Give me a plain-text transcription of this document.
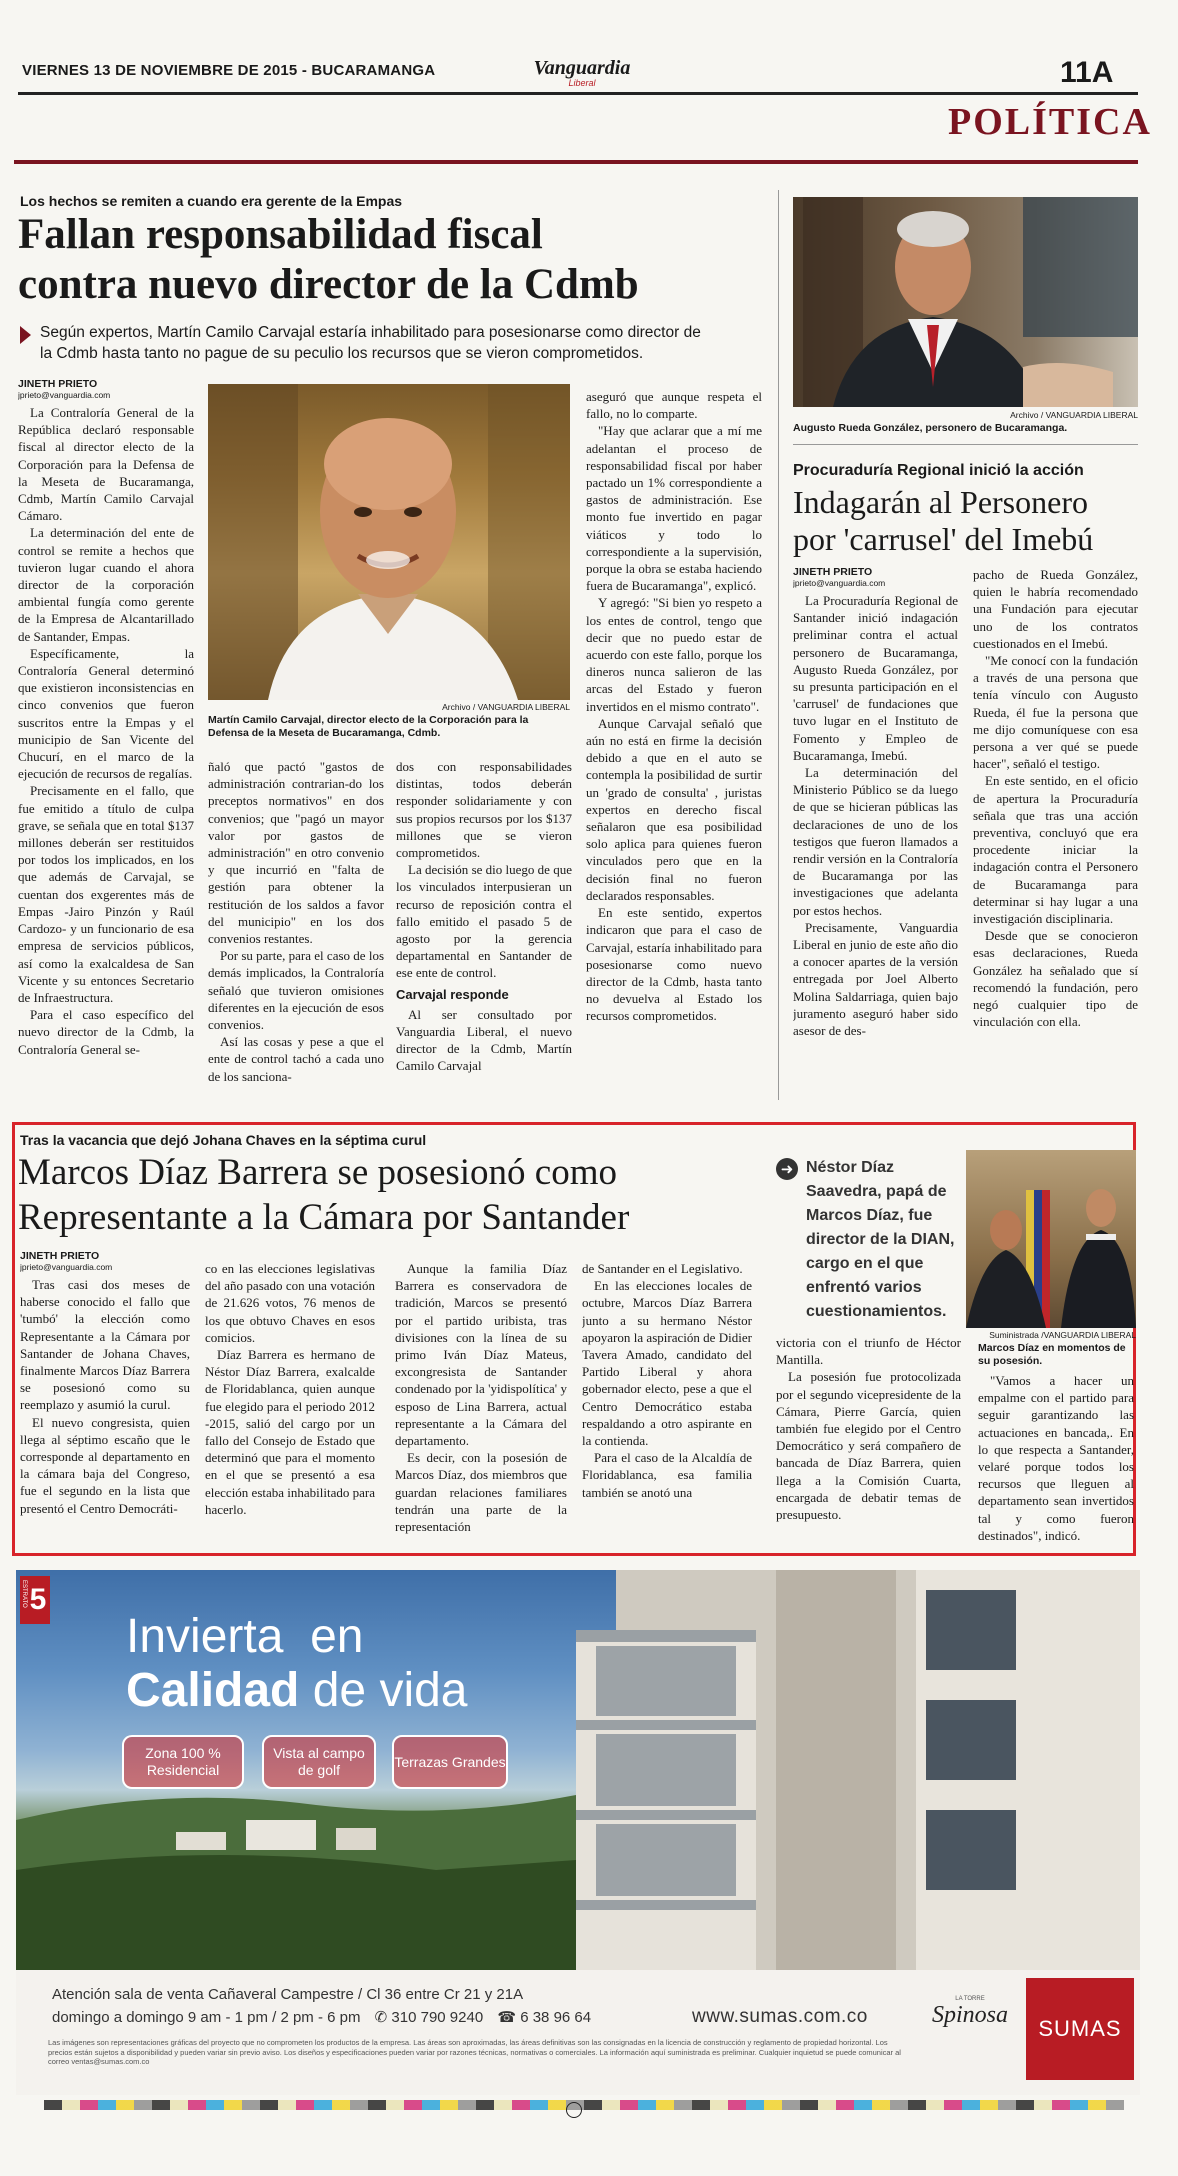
VIERNES 13 DE NOVIEMBRE DE 2015 - BUCARAMANGA	Vanguardia
Liberal	11A
POLÍTICA
Los hechos se remiten a cuando era gerente de la Empas
Fallan responsabilidad fiscal
contra nuevo director de la Cdmb
Según expertos, Martín Camilo Carvajal estaría inhabilitado para posesionarse como director de
la Cdmb hasta tanto no pague de su peculio los recursos que se vieron comprometidos.
JINETH PRIETO
jprieto@vanguardia.com

La Contraloría General de la República declaró responsable fiscal al director electo de la Corporación para la Defensa de la Meseta de Bucaramanga, Cdmb, Martín Camilo Carvajal Cámaro.

La determinación del ente de control se remite a hechos que tuvieron lugar cuando el ahora director de la corporación ambiental fungía como gerente de la Empresa de Alcantarillado de Santander, Empas.

Específicamente, la Contraloría General determinó que existieron inconsistencias en cinco convenios que fueron suscritos entre la Empas y el municipio de San Vicente del Chucurí, en el marco de la ejecución de recursos de regalías.

Precisamente en el fallo, que fue emitido a título de culpa grave, se señala que en total $137 millones deberán ser restituidos por todos los implicados, en los que además de Carvajal, se cuentan dos exgerentes más de Empas -Jairo Pinzón y Raúl Cardozo- y un funcionario de esa empresa de servicios públicos, así como la exalcaldesa de San Vicente y su entonces Secretario de Infraestructura.

Para el caso específico del nuevo director de la Cdmb, la Contraloría General se-

Archivo / VANGUARDIA LIBERAL
Martín Camilo Carvajal, director electo de la Corporación para la Defensa de la Meseta de Bucaramanga, Cdmb.

ñaló que pactó "gastos de administración contrarian-do los preceptos normativos" en dos convenios; que "pagó un mayor valor por gastos de administración" en otro convenio y que incurrió en "falta de gestión para obtener la restitución de los saldos a favor del municipio" en los dos convenios restantes.

Por su parte, para el caso de los demás implicados, la Contraloría señaló que tuvieron omisiones diferentes en la ejecución de esos convenios.

Así las cosas y pese a que el ente de control tachó a cada uno de los sanciona-

dos con responsabilidades distintas, todos deberán responder solidariamente y con sus propios recursos por los $137 millones que se vieron comprometidos.

La decisión se dio luego de que los vinculados interpusieran un recurso de reposición contra el fallo emitido el pasado 5 de agosto por la gerencia departamental en Santander de ese ente de control.

Carvajal responde

Al ser consultado por Vanguardia Liberal, el nuevo director de la Cdmb, Martín Camilo Carvajal

aseguró que aunque respeta el fallo, no lo comparte.

"Hay que aclarar que a mí me adelantan el proceso de responsabilidad fiscal por haber pactado un 1% correspondiente a gastos de administración. Ese monto fue invertido en pagar viáticos y todo lo correspondiente a la supervisión, porque la obra se estaba haciendo fuera de Bucaramanga", explicó.

Y agregó: "Si bien yo respeto a los entes de control, tengo que decir que no puedo estar de acuerdo con este fallo, porque los dineros nunca salieron de las arcas del Estado y fueron invertidos en el mismo contrato".

Aunque Carvajal señaló que aún no está en firme la decisión debido a que en el auto se contempla la posibilidad de surtir un 'grado de consulta' , juristas expertos en derecho fiscal señalaron que esa posibilidad solo aplica para quienes fueron vinculados pero que en la decisión final no fueron declarados responsables.

En este sentido, expertos indicaron que para el caso de Carvajal, estaría inhabilitado para posesionarse como nuevo director de la Cdmb, hasta tanto no devuelva al Estado los recursos comprometidos.

Archivo / VANGUARDIA LIBERAL
Augusto Rueda González, personero de Bucaramanga.
Procuraduría Regional inició la acción
Indagarán al Personero
por 'carrusel' del Imebú
JINETH PRIETO
jprieto@vanguardia.com

La Procuraduría Regional de Santander inició indagación preliminar contra el actual personero de Bucaramanga, Augusto Rueda González, por su presunta participación en el 'carrusel' de fundaciones que tuvo lugar en el Instituto de Fomento y Empleo de Bucaramanga, Imebú.

La determinación del Ministerio Público se da luego de que se hicieran públicas las declaraciones de uno de los testigos que fueron llamados a rendir versión en la Contraloría de Bucaramanga por las investigaciones que adelanta por estos hechos.

Precisamente, Vanguardia Liberal en junio de este año dio a conocer apartes de la versión entregada por Joel Alberto Molina Saldarriaga, quien bajo juramento aseguró haber sido asesor de des-

pacho de Rueda González, quien le habría recomendado una Fundación para ejecutar uno de los contratos cuestionados en el Imebú.

"Me conocí con la fundación a través de una persona que tenía vínculo con Augusto Rueda, él fue la persona que me dijo comuníquese con esa persona a ver qué se puede hacer", señaló el testigo.

En este sentido, en el oficio de apertura la Procuraduría señala que tras una acción preventiva, concluyó que era procedente iniciar la indagación contra el Personero de Bucaramanga para determinar si hay lugar a una investigación disciplinaria.

Desde que se conocieron esas declaraciones, Rueda González ha señalado que sí recomendó la fundación, pero negó cualquier tipo de vinculación con ella.

Tras la vacancia que dejó Johana Chaves en la séptima curul
Marcos Díaz Barrera se posesionó como
Representante a la Cámara por Santander
JINETH PRIETO
jprieto@vanguardia.com

Tras casi dos meses de haberse conocido el fallo que 'tumbó' la elección como Representante a la Cámara por Santander de Johana Chaves, finalmente Marcos Díaz Barrera se posesionó como su reemplazo y asumió la curul.

El nuevo congresista, quien llega al séptimo escaño que le corresponde al departamento en la cámara baja del Congreso, fue el segundo en la lista que presentó el Centro Democráti-

co en las elecciones legislativas del año pasado con una votación de 21.626 votos, 76 menos de los que obtuvo Chaves en esos comicios.

Díaz Barrera es hermano de Néstor Díaz Barrera, exalcalde de Floridablanca, quien aunque fue elegido para el periodo 2012 -2015, salió del cargo por un fallo del Consejo de Estado que determinó que para el momento en el que se presentó a esa elección estaba inhabilitado para hacerlo.

Aunque la familia Díaz Barrera es conservadora de tradición, Marcos se presentó por el partido uribista, tras divisiones con la línea de su primo Iván Díaz Mateus, excongresista de Santander condenado por la 'yidispolítica' y esposo de Lina Barrera, actual representante a la Cámara del departamento.

Es decir, con la posesión de Marcos Díaz, dos miembros que guardan relaciones familiares tendrán una parte de la representación

de Santander en el Legislativo.

En las elecciones locales de octubre, Marcos Díaz Barrera junto a su hermano Néstor apoyaron la aspiración de Didier Tavera Amado, candidato del Partido Liberal y ahora gobernador electo, pese a que el Centro Democrático estaba respaldando a otro aspirante en la contienda.

Para el caso de la Alcaldía de Floridablanca, esa familia también se anotó una

➜ Néstor Díaz Saavedra, papá de Marcos Díaz, fue director de la DIAN, cargo en el que enfrentó varios cuestionamientos.

victoria con el triunfo de Héctor Mantilla.

La posesión fue protocolizada por el segundo vicepresidente de la Cámara, Pierre García, quien también fue elegido por el Centro Democrático y será compañero de bancada de Díaz Barrera, quien llega a la Comisión Cuarta, encargada de debatir temas de presupuesto.

Suministrada /VANGUARDIA LIBERAL
Marcos Díaz en momentos de su posesión.

"Vamos a hacer un empalme con el partido para seguir garantizando las actuaciones en bancada,. En lo que respecta a Santander, velaré porque todos los recursos que lleguen al departamento sean invertidos tal y como fueron destinados", indicó.

ESTRATO 5
Invierta  en
Calidad de vida
Zona 100 % Residencial
Vista al campo de golf
Terrazas Grandes
Atención sala de venta Cañaveral Campestre / Cl 36 entre Cr 21 y 21A
domingo a domingo 9 am - 1 pm / 2 pm - 6 pm ✆ 310 790 9240 ☎ 6 38 96 64	www.sumas.com.co
LA TORRE
Spinosa
SUMAS
Las imágenes son representaciones gráficas del proyecto que no comprometen los productos de la empresa. Las áreas son aproximadas, las áreas definitivas son las consignadas en la licencia de construcción y reglamento de propiedad horizontal. Los precios están sujetos a disponibilidad y pueden variar sin previo aviso. Los diseños y especificaciones pueden variar por razones técnicas, normativas o comerciales. La información aquí suministrada es preliminar. Cualquier inquietud se puede comunicar al correo ventas@sumas.com.co
